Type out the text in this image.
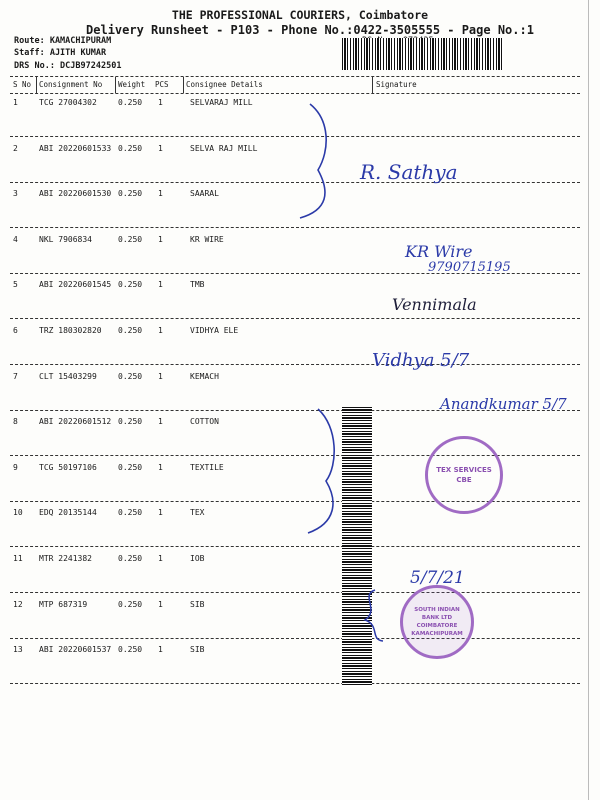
THE PROFESSIONAL COURIERS, Coimbatore
Delivery Runsheet - P103 - Phone No.:0422-3505555 - Page No.:1
Route: KAMACHIPURAM
Staff: AJITH KUMAR
DRS No.: DCJB97242501
S No Consignment No Weight PCS Consignee Details	Signature
1	TCG 27004302	0.250 1	SELVARAJ MILL
2	ABI 20220601533 0.250 1	SELVA RAJ MILL
3	ABI 20220601530 0.250 1	SAARAL
4	NKL 7906834	0.250 1	KR WIRE
5	ABI 20220601545 0.250 1	TMB
6	TRZ 180302820 0.250 1	VIDHYA ELE
7	CLT 15403299	0.250 1	KEMACH
8	ABI 20220601512 0.250 1	COTTON
9	TCG 50197106	0.250 1	TEXTILE
10 EDQ 20135144	0.250 1	TEX
11 MTR 2241382	0.250 1	IOB
12 MTP 687319	0.250 1	SIB
13 ABI 20220601537 0.250 1	SIB
R. Sathya
KR Wire
9790715195
Vennimala
Vidhya 5/7
Anandkumar 5/7
5/7/21
TEX SERVICES CBE
SOUTH INDIAN BANK LTD COIMBATORE KAMACHIPURAM
